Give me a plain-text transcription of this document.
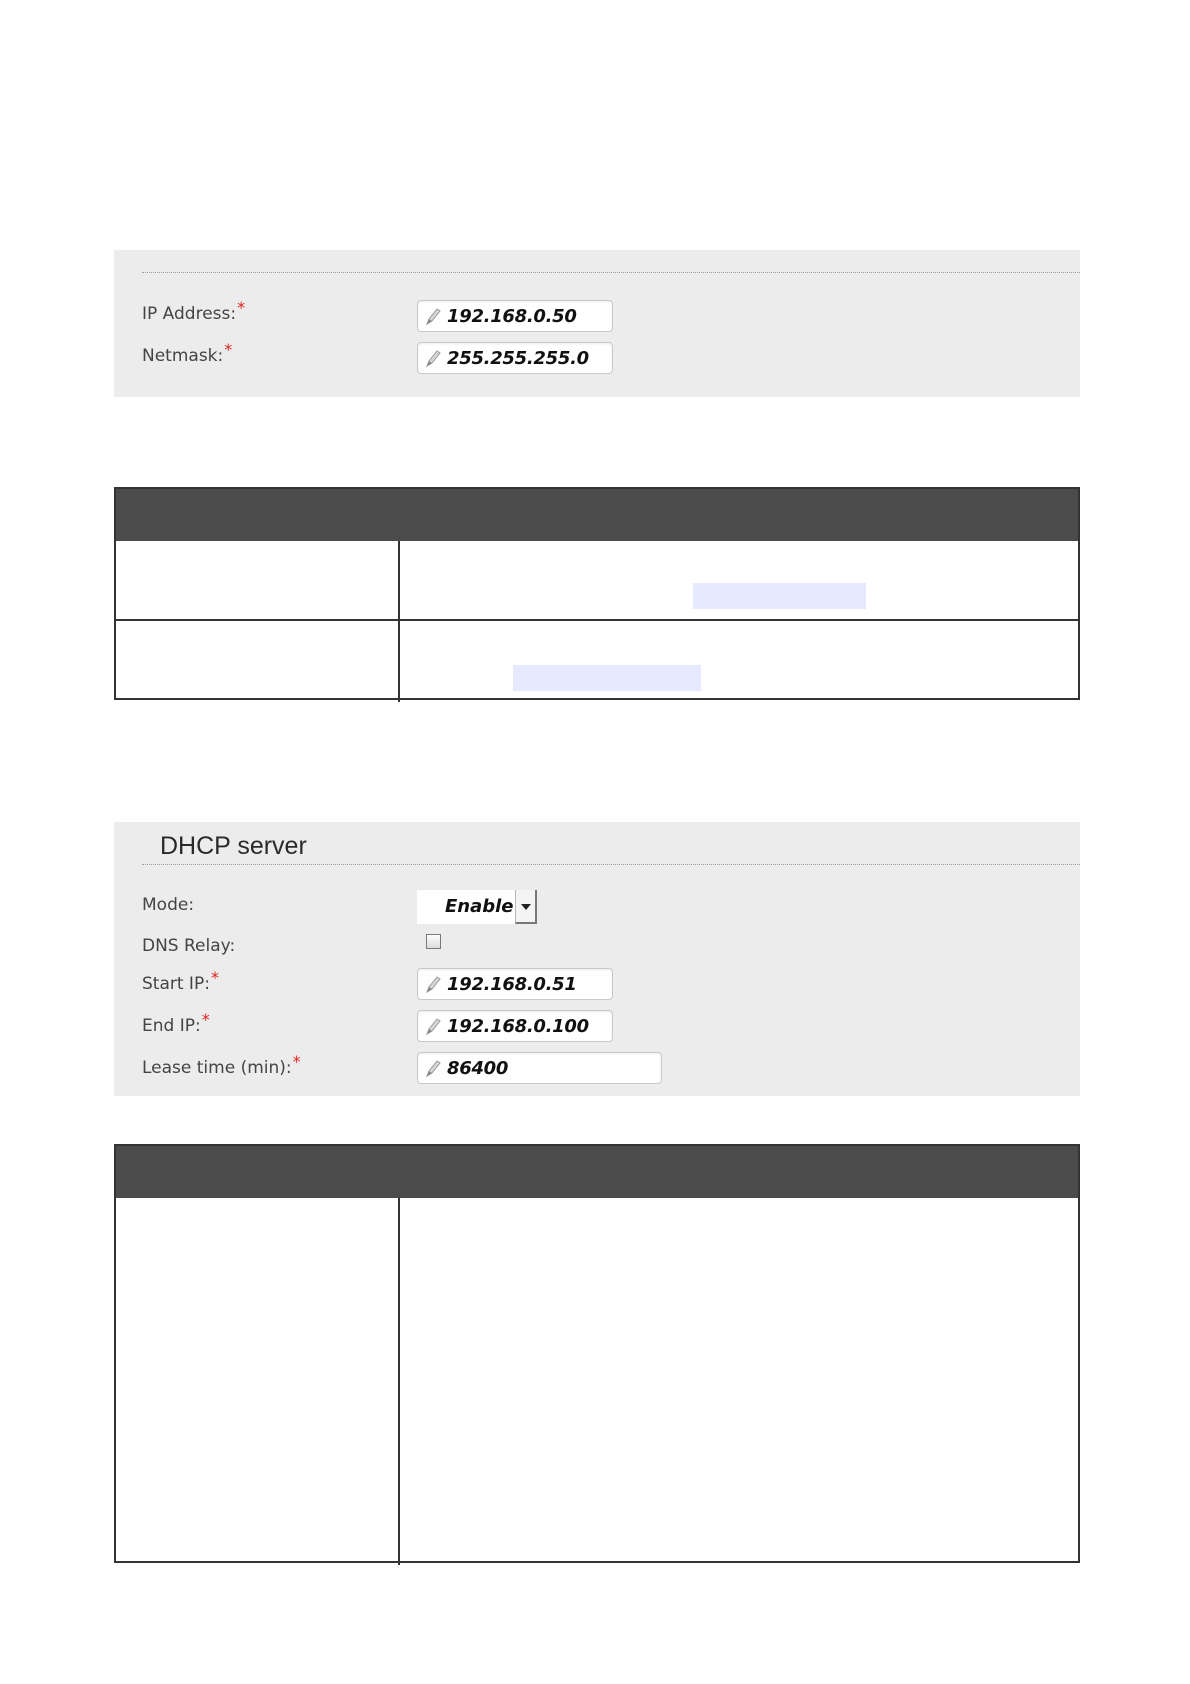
IP Address:*	192.168.0.50
Netmask:*	255.255.255.0
DHCP server
Mode:	Enable
DNS Relay:
Start IP:*	192.168.0.51
End IP:*	192.168.0.100
Lease time (min):*	86400
